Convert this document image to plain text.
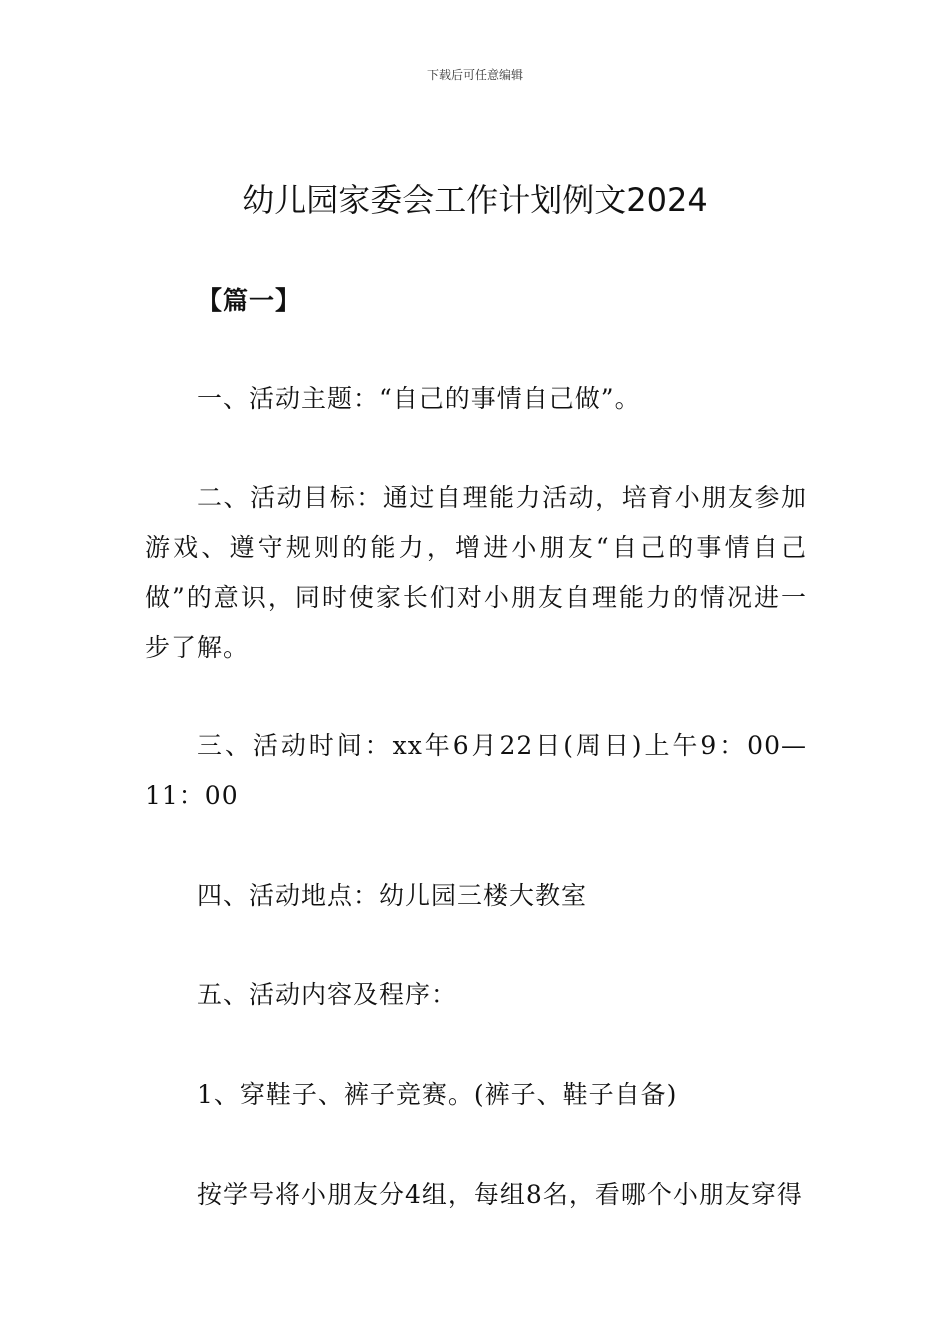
下载后可任意编辑
幼儿园家委会工作计划例文2024

【篇一】

一、活动主题：“自己的事情自己做”。

二、活动目标：通过自理能力活动，培育小朋友参加游戏、遵守规则的能力，增进小朋友“自己的事情自己做”的意识，同时使家长们对小朋友自理能力的情况进一步了解。

三、活动时间：xx年6月22日(周日)上午9：00—11：00

四、活动地点：幼儿园三楼大教室

五、活动内容及程序：

1、穿鞋子、裤子竞赛。(裤子、鞋子自备)

按学号将小朋友分4组，每组8名，看哪个小朋友穿得
